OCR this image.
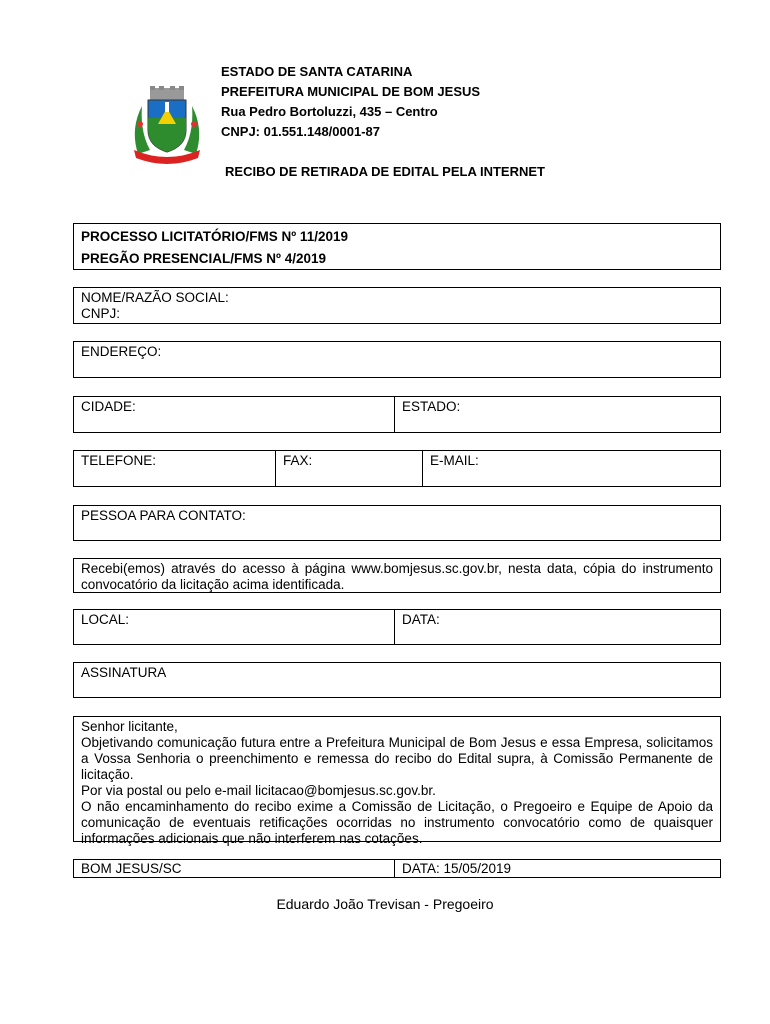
ESTADO DE SANTA CATARINA
PREFEITURA MUNICIPAL DE BOM JESUS
Rua Pedro Bortoluzzi, 435 – Centro
CNPJ: 01.551.148/0001-87
RECIBO DE RETIRADA DE EDITAL PELA INTERNET
PROCESSO LICITATÓRIO/FMS Nº 11/2019
PREGÃO PRESENCIAL/FMS Nº 4/2019
NOME/RAZÃO SOCIAL:
CNPJ:
ENDEREÇO:
CIDADE:	ESTADO:
TELEFONE:	FAX:	E-MAIL:
PESSOA PARA CONTATO:
Recebi(emos) através do acesso à página www.bomjesus.sc.gov.br, nesta data, cópia do instrumento convocatório da licitação acima identificada.
LOCAL:	DATA:
ASSINATURA
Senhor licitante,
Objetivando comunicação futura entre a Prefeitura Municipal de Bom Jesus e essa Empresa, solicitamos a Vossa Senhoria o preenchimento e remessa do recibo do Edital supra, à Comissão Permanente de licitação.
Por via postal ou pelo e-mail licitacao@bomjesus.sc.gov.br.
O não encaminhamento do recibo exime a Comissão de Licitação, o Pregoeiro e Equipe de Apoio da comunicação de eventuais retificações ocorridas no instrumento convocatório como de quaisquer informações adicionais que não interferem nas cotações.
BOM JESUS/SC	DATA: 15/05/2019
Eduardo João Trevisan - Pregoeiro
